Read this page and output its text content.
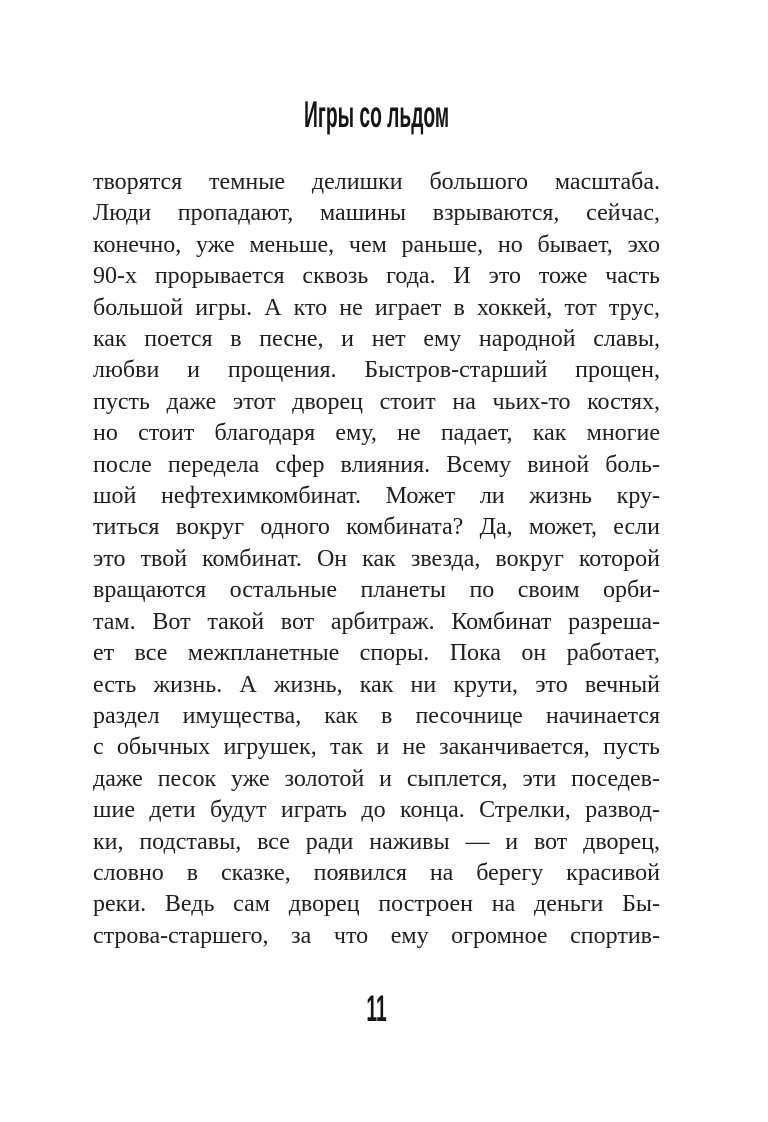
Игры со льдом
творятся темные делишки большого масштаба.
Люди пропадают, машины взрываются, сейчас,
конечно, уже меньше, чем раньше, но бывает, эхо
90-х прорывается сквозь года. И это тоже часть
большой игры. А кто не играет в хоккей, тот трус,
как поется в песне, и нет ему народной славы,
любви и прощения. Быстров-старший прощен,
пусть даже этот дворец стоит на чьих-то костях,
но стоит благодаря ему, не падает, как многие
после передела сфер влияния. Всему виной боль-
шой нефтехимкомбинат. Может ли жизнь кру-
титься вокруг одного комбината? Да, может, если
это твой комбинат. Он как звезда, вокруг которой
вращаются остальные планеты по своим орби-
там. Вот такой вот арбитраж. Комбинат разреша-
ет все межпланетные споры. Пока он работает,
есть жизнь. А жизнь, как ни крути, это вечный
раздел имущества, как в песочнице начинается
с обычных игрушек, так и не заканчивается, пусть
даже песок уже золотой и сыплется, эти поседев-
шие дети будут играть до конца. Стрелки, развод-
ки, подставы, все ради наживы — и вот дворец,
словно в сказке, появился на берегу красивой
реки. Ведь сам дворец построен на деньги Бы-
строва-старшего, за что ему огромное спортив-
11
